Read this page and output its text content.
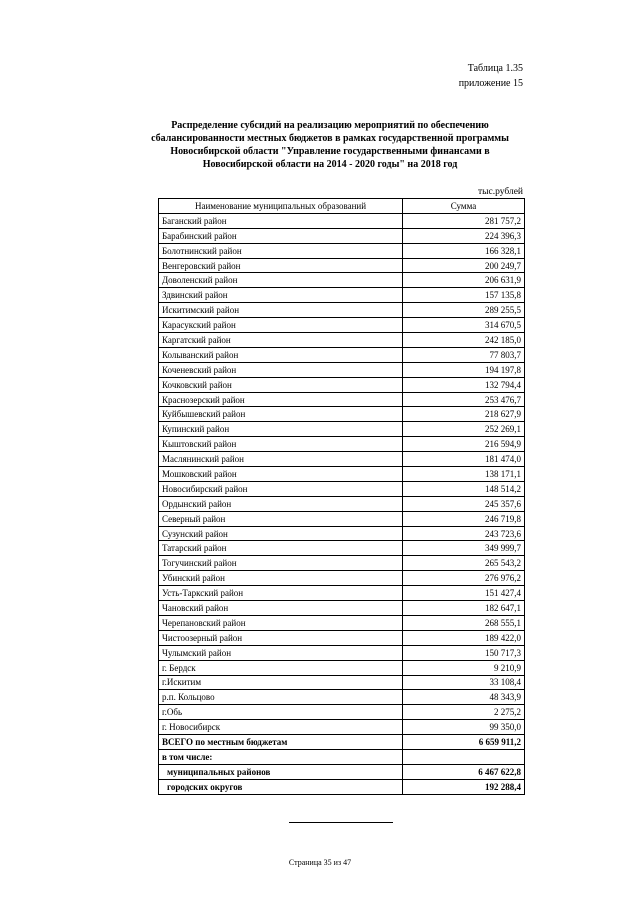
Таблица 1.35
приложение 15
Распределение субсидий на реализацию мероприятий по обеспечению сбалансированности местных бюджетов в рамках государственной программы Новосибирской области "Управление государственными финансами в Новосибирской области на 2014 - 2020 годы" на 2018 год
тыс.рублей
Наименование муниципальных образований	Сумма
Баганский район	281 757,2
Барабинский район	224 396,3
Болотнинский район	166 328,1
Венгеровский район	200 249,7
Доволенский район	206 631,9
Здвинский район	157 135,8
Искитимский район	289 255,5
Карасукский район	314 670,5
Каргатский район	242 185,0
Колыванский район	77 803,7
Коченевский район	194 197,8
Кочковский район	132 794,4
Краснозерский район	253 476,7
Куйбышевский район	218 627,9
Купинский район	252 269,1
Кыштовский район	216 594,9
Маслянинский район	181 474,0
Мошковский район	138 171,1
Новосибирский район	148 514,2
Ордынский район	245 357,6
Северный район	246 719,8
Сузунский район	243 723,6
Татарский район	349 999,7
Тогучинский район	265 543,2
Убинский район	276 976,2
Усть-Таркский район	151 427,4
Чановский район	182 647,1
Черепановский район	268 555,1
Чистоозерный район	189 422,0
Чулымский район	150 717,3
г. Бердск	9 210,9
г.Искитим	33 108,4
р.п. Кольцово	48 343,9
г.Обь	2 275,2
г. Новосибирск	99 350,0
ВСЕГО по местным бюджетам	6 659 911,2
в том числе:	
муниципальных районов	6 467 622,8
городских округов	192 288,4
Страница 35 из 47
